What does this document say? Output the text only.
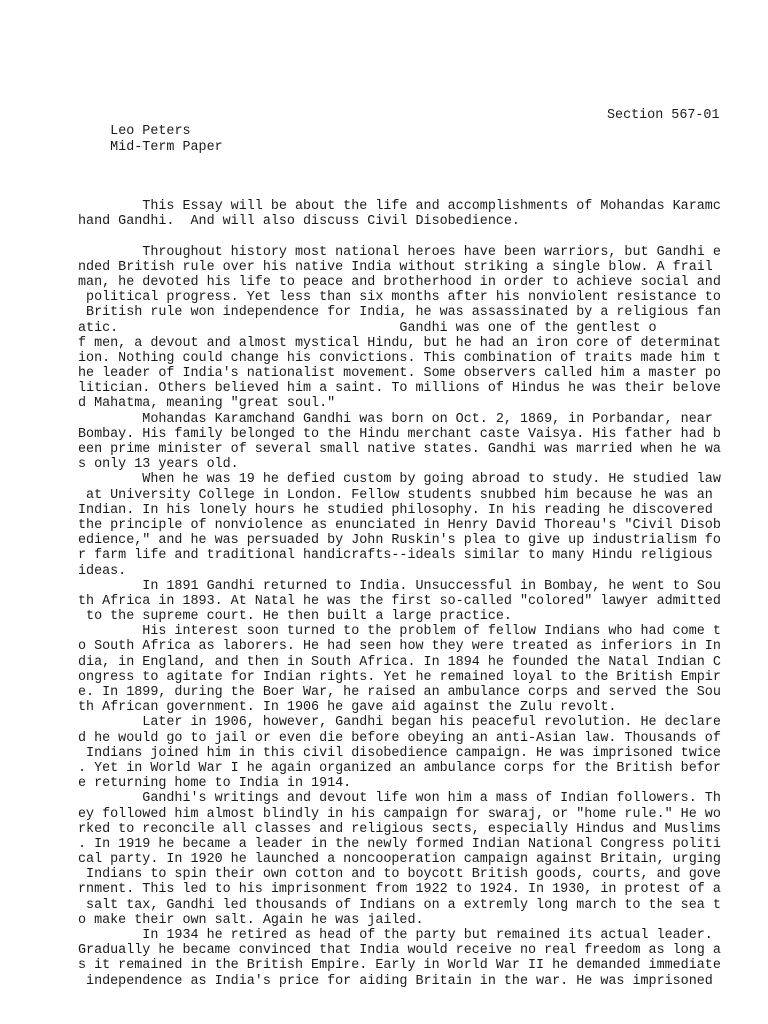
Leo Peters

Section 567-01

Mid-Term Paper

This Essay will be about the life and accomplishments of Mohandas Karamc
hand Gandhi.  And will also discuss Civil Disobedience.
Throughout history most national heroes have been warriors, but Gandhi e
nded British rule over his native India without striking a single blow. A frail
man, he devoted his life to peace and brotherhood in order to achieve social and
political progress. Yet less than six months after his nonviolent resistance to
British rule won independence for India, he was assassinated by a religious fan
atic.                                   Gandhi was one of the gentlest o
f men, a devout and almost mystical Hindu, but he had an iron core of determinat
ion. Nothing could change his convictions. This combination of traits made him t
he leader of India's nationalist movement. Some observers called him a master po
litician. Others believed him a saint. To millions of Hindus he was their belove
d Mahatma, meaning "great soul."
Mohandas Karamchand Gandhi was born on Oct. 2, 1869, in Porbandar, near
Bombay. His family belonged to the Hindu merchant caste Vaisya. His father had b
een prime minister of several small native states. Gandhi was married when he wa
s only 13 years old.
When he was 19 he defied custom by going abroad to study. He studied law
at University College in London. Fellow students snubbed him because he was an
Indian. In his lonely hours he studied philosophy. In his reading he discovered
the principle of nonviolence as enunciated in Henry David Thoreau's "Civil Disob
edience," and he was persuaded by John Ruskin's plea to give up industrialism fo
r farm life and traditional handicrafts--ideals similar to many Hindu religious
ideas.
In 1891 Gandhi returned to India. Unsuccessful in Bombay, he went to Sou
th Africa in 1893. At Natal he was the first so-called "colored" lawyer admitted
to the supreme court. He then built a large practice.
His interest soon turned to the problem of fellow Indians who had come t
o South Africa as laborers. He had seen how they were treated as inferiors in In
dia, in England, and then in South Africa. In 1894 he founded the Natal Indian C
ongress to agitate for Indian rights. Yet he remained loyal to the British Empir
e. In 1899, during the Boer War, he raised an ambulance corps and served the Sou
th African government. In 1906 he gave aid against the Zulu revolt.
Later in 1906, however, Gandhi began his peaceful revolution. He declare
d he would go to jail or even die before obeying an anti-Asian law. Thousands of
Indians joined him in this civil disobedience campaign. He was imprisoned twice
. Yet in World War I he again organized an ambulance corps for the British befor
e returning home to India in 1914.
Gandhi's writings and devout life won him a mass of Indian followers. Th
ey followed him almost blindly in his campaign for swaraj, or "home rule." He wo
rked to reconcile all classes and religious sects, especially Hindus and Muslims
. In 1919 he became a leader in the newly formed Indian National Congress politi
cal party. In 1920 he launched a noncooperation campaign against Britain, urging
Indians to spin their own cotton and to boycott British goods, courts, and gove
rnment. This led to his imprisonment from 1922 to 1924. In 1930, in protest of a
salt tax, Gandhi led thousands of Indians on a extremly long march to the sea t
o make their own salt. Again he was jailed.
In 1934 he retired as head of the party but remained its actual leader.
Gradually he became convinced that India would receive no real freedom as long a
s it remained in the British Empire. Early in World War II he demanded immediate
independence as India's price for aiding Britain in the war. He was imprisoned
